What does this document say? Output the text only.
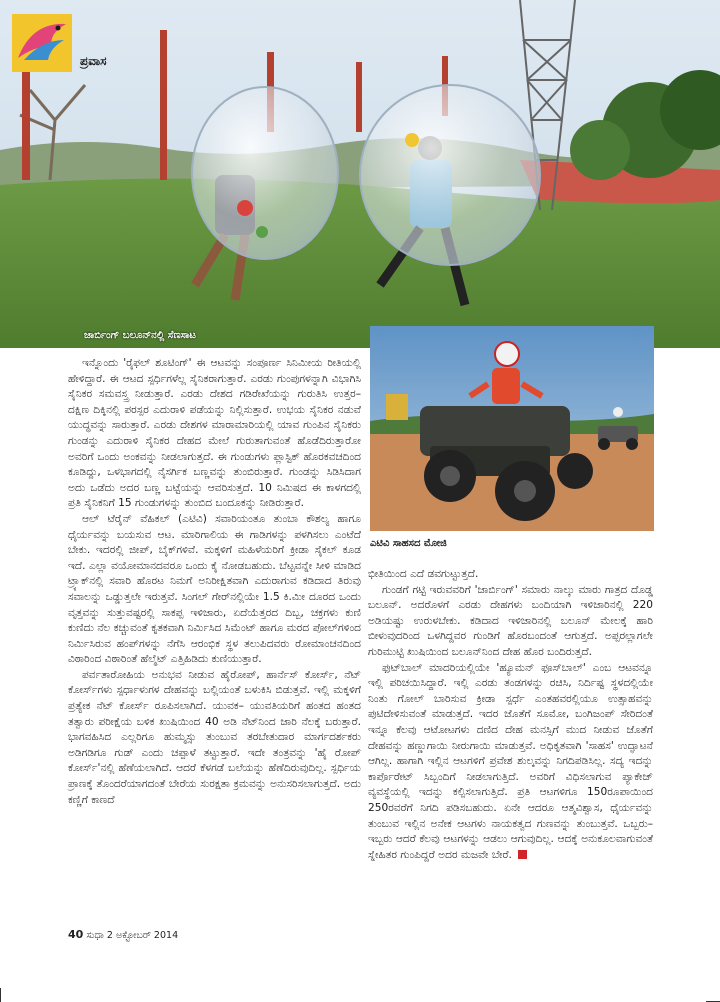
ಪ್ರವಾಸ
ಜಾರ್ಬಿಂಗ್ ಬಲೂನ್‌ನಲ್ಲಿ ಸೆಣಸಾಟ
ಎಟಿವಿ ಸಾಹಸದ ಮೋಜಿ

ಇನ್ನೊಂದು 'ರೈಫಲ್ ಶೂಟಿಂಗ್' ಈ ಆಟವನ್ನು ಸಂಪೂರ್ಣ ಸಿನಿಮೀಯ ರೀತಿಯಲ್ಲಿ ಹೇಳಿದ್ದಾರೆ. ಈ ಆಟದ ಸ್ಪರ್ಧಿಗಳೆಲ್ಲ ಸೈನಿಕರಾಗುತ್ತಾರೆ. ಎರಡು ಗುಂಪುಗಳನ್ನಾಗಿ ವಿಭಾಗಿಸಿ ಸೈನಿಕರ ಸಮವಸ್ತ್ರ ನೀಡುತ್ತಾರೆ. ಎರಡು ದೇಶದ ಗಡಿರೇಖೆಯನ್ನು ಗುರುತಿಸಿ ಉತ್ತರ– ದಕ್ಷಿಣ ದಿಕ್ಕಿನಲ್ಲಿ ಪರಸ್ಪರ ಎದುರಾಳಿ ಪಡೆಯನ್ನು ನಿಲ್ಲಿಸುತ್ತಾರೆ. ಉಭಯ ಸೈನಿಕರ ನಡುವೆ ಯುದ್ಧವನ್ನು ಸಾರುತ್ತಾರೆ. ಎರಡು ದೇಶಗಳ ಮಾರಾಮಾರಿಯಲ್ಲಿ ಯಾವ ಗುಂಪಿನ ಸೈನಿಕರು ಗುಂಡನ್ನು ಎದುರಾಳಿ ಸೈನಿಕರ ದೇಹದ ಮೇಲೆ ಗುರುತಾಗುವಂತೆ ಹೊಡೆದಿರುತ್ತಾರೋ ಅವರಿಗೆ ಒಂದು ಅಂಕವನ್ನು ನೀಡಲಾಗುತ್ತದೆ. ಈ ಗುಂಡುಗಳು ಪ್ಲಾಸ್ಟಿಕ್ ಹೊರಕವಚದಿಂದ ಕೂಡಿದ್ದು, ಒಳಭಾಗದಲ್ಲಿ ನೈಸರ್ಗಿಕ ಬಣ್ಣವನ್ನು ತುಂಬಿರುತ್ತಾರೆ. ಗುಂಡನ್ನು ಸಿಡಿಸಿದಾಗ ಅದು ಒಡೆದು ಅದರ ಬಣ್ಣ ಬಟ್ಟೆಯನ್ನು ಆವರಿಸುತ್ತದೆ. 10 ನಿಮಿಷದ ಈ ಕಾಳಗದಲ್ಲಿ ಪ್ರತಿ ಸೈನಿಕನಿಗೆ 15 ಗುಂಡುಗಳನ್ನು ತುಂಬಿದ ಬಂದೂಕನ್ನು ನೀಡಿರುತ್ತಾರೆ.

ಆಲ್ ಟೆರೈನ್ ವೆಹಿಕಲ್ (ಎಟಿವಿ) ಸವಾರಿಯಂತೂ ತುಂಬಾ ಕೌಶಲ್ಯ ಹಾಗೂ ಧೈರ್ಯವನ್ನು ಬಯಸುವ ಆಟ. ಮಾರಿಗಾಲಿಯ ಈ ಗಾಡಿಗಳನ್ನು ಪಳಗಿಸಲು ಎಂಟೆದೆ ಬೇಕು. ಇದರಲ್ಲಿ ಜೀಪ್, ಬೈಕ್‌ಗಳಿವೆ. ಮಕ್ಕಳಿಗೆ ಮಹಿಳೆಯರಿಗೆ ಕ್ರೀಡಾ ಸೈಕಲ್ ಕೂಡ ಇದೆ. ಎಲ್ಲಾ ವಯೋಮಾನದವರೂ ಒಂದು ಕೈ ನೋಡಬಹುದು. ಬೆಟ್ಟವನ್ನೇ ಸೀಳಿ ಮಾಡಿದ ಟ್ರ್ಯಾಕ್‌ನಲ್ಲಿ ಸವಾರಿ ಹೊರಟ ನಿಮಗೆ ಅನಿರೀಕ್ಷಿತವಾಗಿ ಎದುರಾಗುವ ಕಡಿದಾದ ತಿರುವು ಸವಾಲನ್ನು ಒಡ್ಡುತ್ತಲೇ ಇರುತ್ತವೆ. ಸಿಂಗಲ್ ಗೇರ್‌ನಲ್ಲಿಯೇ 1.5 ಕಿ.ಮೀ ದೂರದ ಒಂದು ವೃತ್ತವನ್ನು ಸುತ್ತುವಷ್ಟರಲ್ಲಿ ಸಾಕಪ್ಪ ಇಳಿಜಾರು, ಏದೆಯೆತ್ತರದ ದಿಬ್ಬ, ಚಕ್ರಗಳು ಕುಣಿ ಕುಣಿದು ನೆಲ ಕಚ್ಚುವಂತೆ ಕೃತಕವಾಗಿ ನಿರ್ಮಿಸಿದ ಸಿಮೆಂಟ್ ಹಾಗೂ ಮರದ ಪೋಲ್‌ಗಳಿಂದ ನಿರ್ಮಿಸಿರುವ ಹಂಪ್‌ಗಳನ್ನು ನೆಗೆಸಿ ಆರಂಭಿಕ ಸ್ಥಳ ತಲುಪಿದವರು ರೋಮಾಂಚನದಿಂದ ವಿಠಾರಿಂದ ವಿಠಾರಿಂತೆ ಹೆಲ್ಮೆಟ್ ಎತ್ತಿಹಿಡಿದು ಕುಣಿಯುತ್ತಾರೆ.

ಪರ್ವತಾರೋಹಿಯ ಅನುಭವ ನೀಡುವ ಹೈರೋಪ್, ಹಾರ್ನೆಸ್ ಕೋರ್ಸ್, ನೆಟ್ ಕೋರ್ಸ್‌ಗಳು ಸ್ಪರ್ಧಾಳುಗಳ ದೇಹವನ್ನು ಬಲ್ಲಿಯಂತೆ ಬಳುಕಿಸಿ ಬಿಡುತ್ತವೆ. ಇಲ್ಲಿ ಮಕ್ಕಳಿಗೆ ಪ್ರತ್ಯೇಕ ನೆಟ್ ಕೋರ್ಸ್ ರೂಪಿಸಲಾಗಿದೆ. ಯುವಕ– ಯುವತಿಯರಿಗೆ ಹಂತದ ಹಂತದ ತತ್ವಾರು ಪರೀಕ್ಷೆಯ ಬಳಿಕ ಖುಷಿಯಿಂದ 40 ಅಡಿ ನೆಟ್‌ನಿಂದ ಜಾರಿ ನೆಲಕ್ಕೆ ಬರುತ್ತಾರೆ. ಭಾಗವಹಿಸಿದ ಎಲ್ಲರಿಗೂ ಹುಮ್ಮಸ್ಸು ತುಂಬುವ ತರಬೇತುದಾರ ಮಾರ್ಗದರ್ಶಕರು ಅಡಿಗಡಿಗೂ ಗುಡ್ ಎಂದು ಚಪ್ಪಾಳೆ ತಟ್ಟುತ್ತಾರೆ. ಇದೇ ತಂತ್ರವನ್ನು 'ಹೈ ರೋಪ್ ಕೋರ್ಸ್'ನಲ್ಲಿ ಹೆಣೆಯಲಾಗಿದೆ. ಆದರೆ ಕೆಳಗಡೆ ಬಲೆಯನ್ನು ಹೆಣೆದಿರುವುದಿಲ್ಲ. ಸ್ಪರ್ಧಿಯ ಪ್ರಾಣಕ್ಕೆ ತೊಂದರೆಯಾಗದಂತೆ ಬೇರೆಯ ಸುರಕ್ಷತಾ ಕ್ರಮವನ್ನು ಅನುಸರಿಸಲಾಗುತ್ತದೆ. ಅದು ಕಣ್ಣಿಗೆ ಕಾಣದೆ

ಭೀತಿಯಿಂದ ಎದೆ ಡವಗುಟ್ಟುತ್ತದೆ.

ಗುಂಡಗೆ ಗಟ್ಟಿ ಇರುವವರಿಗೆ 'ಜಾರ್ಬಿಂಗ್' ಸಮಾರು ನಾಲ್ಕು ಮಾರು ಗಾತ್ರದ ದೊಡ್ಡ ಬಲೂನ್. ಅದರೊಳಗೆ ಎರಡು ದೇಹಗಳು ಬಂದಿಯಾಗಿ ಇಳಿಜಾರಿನಲ್ಲಿ 220 ಅಡಿಯಷ್ಟು ಉರುಳಬೇಕು. ಕಡಿದಾದ ಇಳಿಜಾರಿನಲ್ಲಿ ಬಲೂನ್ ಮೇಲಕ್ಕೆ ಹಾರಿ ಬೀಳುವುದರಿಂದ ಒಳಗಿದ್ದವರ ಗುಂಡಿಗೆ ಹೊರಬಂದಂತೆ ಆಗುತ್ತದೆ. ಅಪ್ಪರಲ್ಲಾಗಲೇ ಗುರಿಮುಟ್ಟಿ ಖುಷಿಯಿಂದ ಬಲೂನ್‌ನಿಂದ ದೇಹ ಹೊರ ಬಂದಿರುತ್ತದೆ.

ಫುಟ್‌ಬಾಲ್ ಮಾದರಿಯಲ್ಲಿಯೇ 'ಹ್ಯೂಮನ್ ಫೂಸ್‌ಬಾಲ್' ಎಂಬ ಆಟವನ್ನೂ ಇಲ್ಲಿ ಪರಿಚಯಿಸಿದ್ದಾರೆ. ಇಲ್ಲಿ ಎರಡು ತಂಡಗಳನ್ನು ರಚಿಸಿ, ನಿರ್ದಿಷ್ಟ ಸ್ಥಳದಲ್ಲಿಯೇ ನಿಂತು ಗೋಲ್ ಬಾರಿಸುವ ಕ್ರೀಡಾ ಸ್ಪರ್ಧೆ ಎಂತಹವರಲ್ಲಿಯೂ ಉತ್ಸಾಹವನ್ನು ಪುಟಿದೇಳಿಸುವಂತೆ ಮಾಡುತ್ತದೆ. ಇದರ ಜೊತೆಗೆ ಸೂಮೋ, ಬಂಗಿಜಂಪ್ ಸೇರಿದಂತೆ ಇನ್ನೂ ಕೆಲವು ಆಟೋಟಗಳು ದಣಿದ ದೇಹ ಮನಸ್ಸಿಗೆ ಮುದ ನೀಡುವ ಜೊತೆಗೆ ದೇಹವನ್ನು ಹಣ್ಣುಗಾಯಿ ನೀರುಗಾಯಿ ಮಾಡುತ್ತವೆ. ಅಧಿಕೃತವಾಗಿ 'ಸಾಹಸ' ಉದ್ಘಾಟನೆ ಆಗಿಲ್ಲ. ಹಾಗಾಗಿ ಇಲ್ಲಿನ ಆಟಗಳಿಗೆ ಪ್ರವೇಶ ಶುಲ್ಕವನ್ನು ನಿಗದಿಪಡಿಸಿಲ್ಲ. ಸದ್ಯ ಇದನ್ನು ಕಾರ್ಪೊರೇಟ್ ಸಿಬ್ಬಂದಿಗೆ ನೀಡಲಾಗುತ್ತಿದೆ. ಅವರಿಗೆ ವಿಧಿಸಲಾಗುವ ಪ್ಯಾಕೇಜ್ ವ್ಯವಸ್ಥೆಯಲ್ಲಿ ಇದನ್ನು ಕಲ್ಪಿಸಲಾಗುತ್ತಿದೆ. ಪ್ರತಿ ಆಟಗಳಿಗೂ 150ರೂಪಾಯಿಂದ 250ರವರೆಗೆ ನಿಗದಿ ಪಡಿಸಬಹುದು. ಏನೇ ಆದರೂ ಆತ್ಮವಿಶ್ವಾಸ, ಧೈರ್ಯವನ್ನು ತುಂಬುವ ಇಲ್ಲಿನ ಅನೇಕ ಆಟಗಳು ನಾಯಕತ್ವದ ಗುಣವನ್ನು ತುಂಬುತ್ತವೆ. ಒಬ್ಬರು–ಇಬ್ಬರು ಆದರೆ ಕೆಲವು ಆಟಗಳನ್ನು ಆಡಲು ಆಗುವುದಿಲ್ಲ. ಆದಕ್ಕೆ ಅನುಕೂಲವಾಗುವಂತೆ ಸ್ನೇಹಿತರ ಗುಂಪಿದ್ದರೆ ಅದರ ಮಜವೇ ಬೇರೆ.

40 ಸುಧಾ 2 ಅಕ್ಟೋಬರ್ 2014
